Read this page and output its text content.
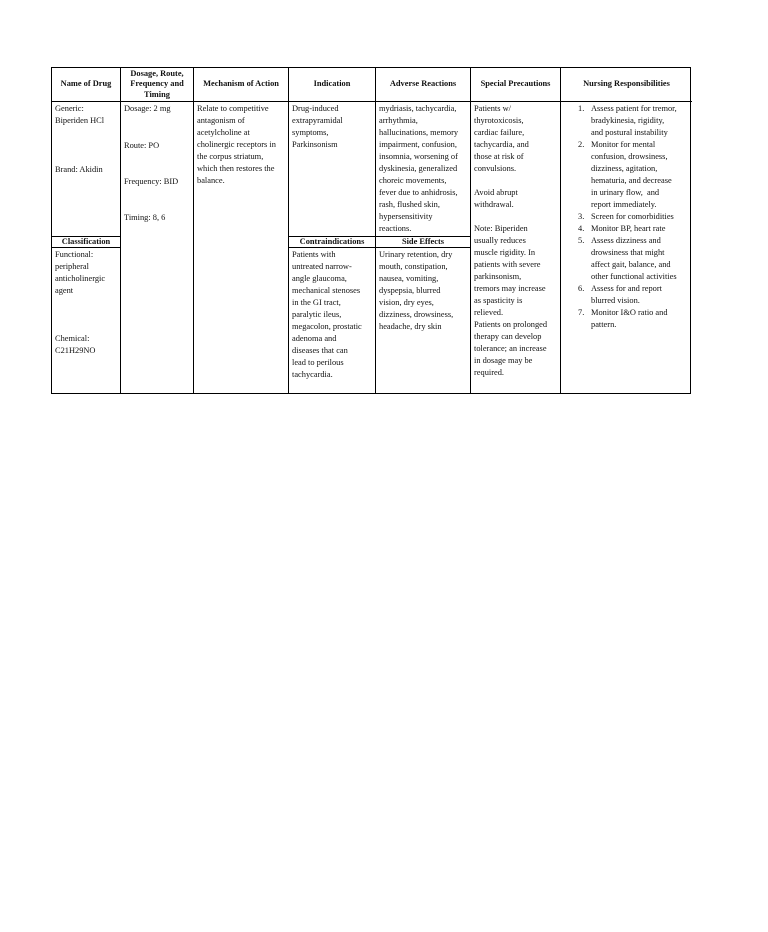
Name of Drug
Generic:
Biperiden HCl
Brand: Akidin
Classification
Functional:
peripheral
anticholinergic
agent
Chemical:
C21H29NO
Dosage, Route,
Frequency and
Timing
Dosage: 2 mg
Route: PO
Frequency: BID
Timing: 8, 6
Mechanism of Action
Relate to competitive
antagonism of
acetylcholine at
cholinergic receptors in
the corpus striatum,
which then restores the
balance.
Indication
Drug-induced
extrapyramidal
symptoms,
Parkinsonism
Contraindications
Patients with
untreated narrow-
angle glaucoma,
mechanical stenoses
in the GI tract,
paralytic ileus,
megacolon, prostatic
adenoma and
diseases that can
lead to perilous
tachycardia.
Adverse Reactions
mydriasis, tachycardia,
arrhythmia,
hallucinations, memory
impairment, confusion,
insomnia, worsening of
dyskinesia, generalized
choreic movements,
fever due to anhidrosis,
rash, flushed skin,
hypersensitivity
reactions.
Side Effects
Urinary retention, dry
mouth, constipation,
nausea, vomiting,
dyspepsia, blurred
vision, dry eyes,
dizziness, drowsiness,
headache, dry skin
Special Precautions
Patients w/
thyrotoxicosis,
cardiac failure,
tachycardia, and
those at risk of
convulsions.

Avoid abrupt
withdrawal.

Note: Biperiden
usually reduces
muscle rigidity. In
patients with severe
parkinsonism,
tremors may increase
as spasticity is
relieved.
Patients on prolonged
therapy can develop
tolerance; an increase
in dosage may be
required.
Nursing Responsibilities
1. Assess patient for tremor,
bradykinesia, rigidity,
and postural instability
2. Monitor for mental
confusion, drowsiness,
dizziness, agitation,
hematuria, and decrease
in urinary flow,  and
report immediately.
3. Screen for comorbidities
4. Monitor BP, heart rate
5. Assess dizziness and
drowsiness that might
affect gait, balance, and
other functional activities
6. Assess for and report
blurred vision.
7. Monitor I&O ratio and
pattern.
